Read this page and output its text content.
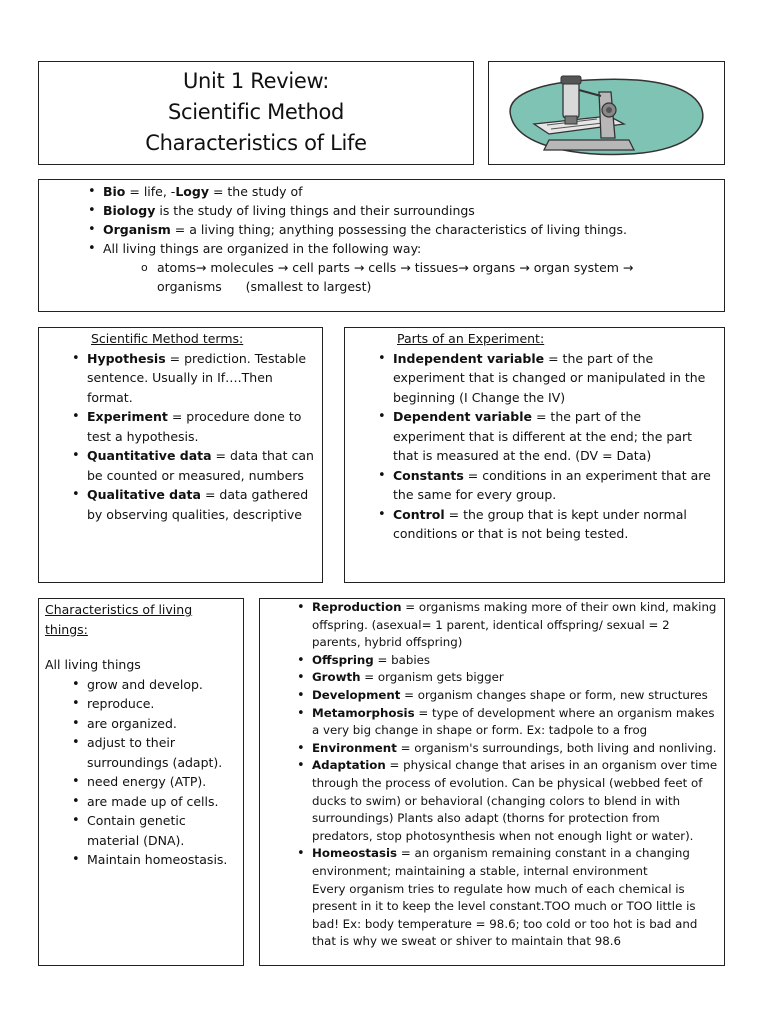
Unit 1 Review:
Scientific Method
Characteristics of Life
• Bio = life, -Logy = the study of
• Biology is the study of living things and their surroundings
• Organism = a living thing; anything possessing the characteristics of living things.
• All living things are organized in the following way:
o atoms→ molecules → cell parts → cells → tissues→ organs → organ system →
organisms (smallest to largest)
Scientific Method terms:
• Hypothesis = prediction. Testable sentence. Usually in If….Then format.
• Experiment = procedure done to test a hypothesis.
• Quantitative data = data that can be counted or measured, numbers
• Qualitative data = data gathered by observing qualities, descriptive
Parts of an Experiment:
• Independent variable = the part of the experiment that is changed or manipulated in the beginning (I Change the IV)
• Dependent variable = the part of the experiment that is different at the end; the part that is measured at the end. (DV = Data)
• Constants = conditions in an experiment that are the same for every group.
• Control = the group that is kept under normal conditions or that is not being tested.
Characteristics of living things:
All living things
• grow and develop.
• reproduce.
• are organized.
• adjust to their surroundings (adapt).
• need energy (ATP).
• are made up of cells.
• Contain genetic material (DNA).
• Maintain homeostasis.
• Reproduction = organisms making more of their own kind, making offspring. (asexual= 1 parent, identical offspring/ sexual = 2 parents, hybrid offspring)
• Offspring = babies
• Growth = organism gets bigger
• Development = organism changes shape or form, new structures
• Metamorphosis = type of development where an organism makes a very big change in shape or form. Ex: tadpole to a frog
• Environment = organism's surroundings, both living and nonliving.
• Adaptation = physical change that arises in an organism over time through the process of evolution. Can be physical (webbed feet of ducks to swim) or behavioral (changing colors to blend in with surroundings) Plants also adapt (thorns for protection from predators, stop photosynthesis when not enough light or water).
• Homeostasis = an organism remaining constant in a changing environment; maintaining a stable, internal environment
Every organism tries to regulate how much of each chemical is present in it to keep the level constant.TOO much or TOO little is bad! Ex: body temperature = 98.6; too cold or too hot is bad and that is why we sweat or shiver to maintain that 98.6
